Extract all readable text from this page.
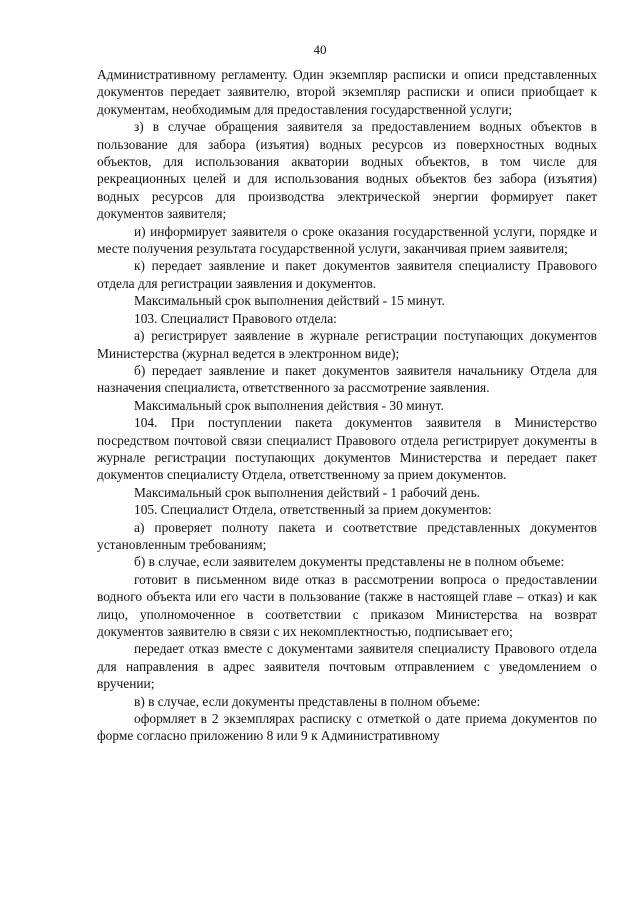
40

Административному регламенту. Один экземпляр расписки и описи представленных документов передает заявителю, второй экземпляр расписки и описи приобщает к документам, необходимым для предоставления государственной услуги;

з) в случае обращения заявителя за предоставлением водных объектов в пользование для забора (изъятия) водных ресурсов из поверхностных водных объектов, для использования акватории водных объектов, в том числе для рекреационных целей и для использования водных объектов без забора (изъятия) водных ресурсов для производства электрической энергии формирует пакет документов заявителя;

и) информирует заявителя о сроке оказания государственной услуги, порядке и месте получения результата государственной услуги, заканчивая прием заявителя;

к) передает заявление и пакет документов заявителя специалисту Правового отдела для регистрации заявления и документов.

Максимальный срок выполнения действий - 15 минут.

103. Специалист Правового отдела:

а) регистрирует заявление в журнале регистрации поступающих документов Министерства (журнал ведется в электронном виде);

б) передает заявление и пакет документов заявителя начальнику Отдела для назначения специалиста, ответственного за рассмотрение заявления.

Максимальный срок выполнения действия - 30 минут.

104. При поступлении пакета документов заявителя в Министерство посредством почтовой связи специалист Правового отдела регистрирует документы в журнале регистрации поступающих документов Министерства и передает пакет документов специалисту Отдела, ответственному за прием документов.

Максимальный срок выполнения действий - 1 рабочий день.

105. Специалист Отдела, ответственный за прием документов:

а) проверяет полноту пакета и соответствие представленных документов установленным требованиям;

б) в случае, если заявителем документы представлены не в полном объеме:

готовит в письменном виде отказ в рассмотрении вопроса о предоставлении водного объекта или его части в пользование (также в настоящей главе – отказ) и как лицо, уполномоченное в соответствии с приказом Министерства на возврат документов заявителю в связи с их некомплектностью, подписывает его;

передает отказ вместе с документами заявителя специалисту Правового отдела для направления в адрес заявителя почтовым отправлением с уведомлением о вручении;

в) в случае, если документы представлены в полном объеме:

оформляет в 2 экземплярах расписку с отметкой о дате приема документов по форме согласно приложению 8 или 9 к Административному
